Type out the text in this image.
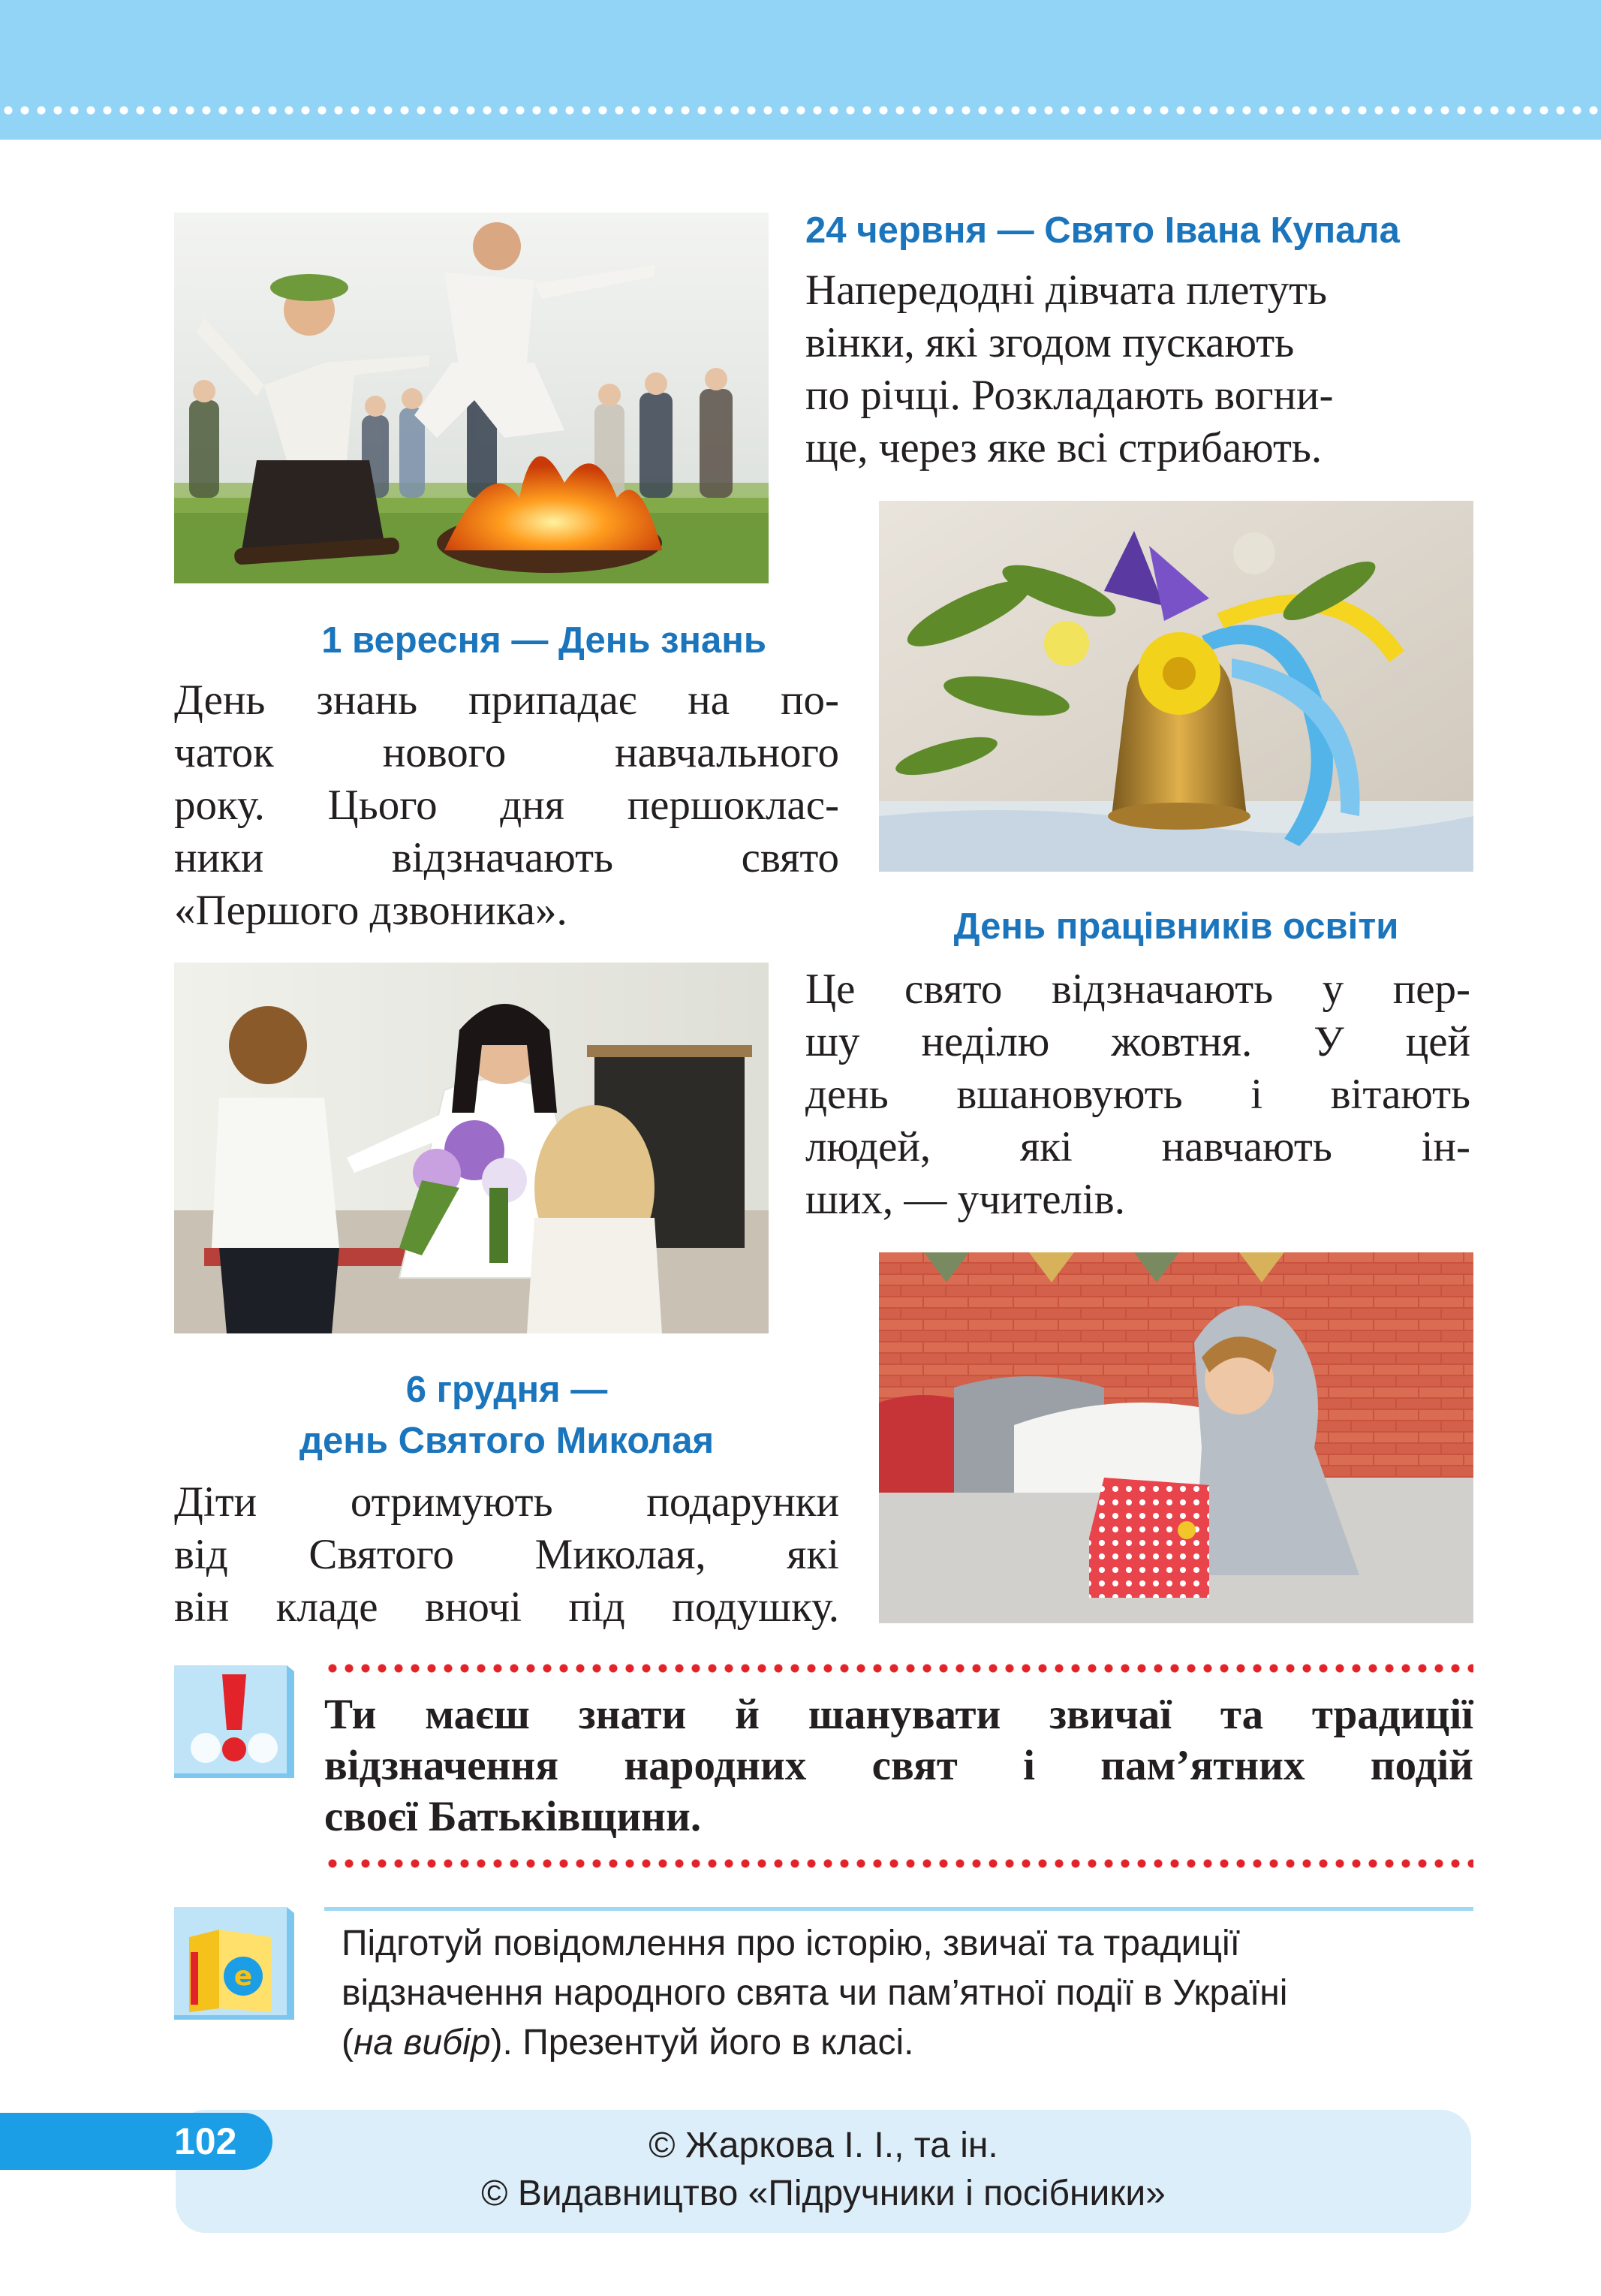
24 червня — Свято Івана Купала

Напередодні дівчата плетуть

вінки, які згодом пускають

по річці. Розкладають вогни-

ще, через яке всі стрибають.

1 вересня — День знань

День знань припадає на по-

чаток нового навчального

року. Цього дня першоклас-

ники відзначають свято

«Першого дзвоника».	День працівників освіти

Це свято відзначають у пер-

шу неділю жовтня. У цей

день вшановують і вітають

людей, які навчають ін-

ших, — учителів.

6 грудня —
день Святого Миколая

Діти отримують подарунки

від Святого Миколая, які

він кладе вночі під подушку.

Ти маєш знати й шанувати звичаї та традиції

відзначення народних свят і пам’ятних подій

своєї Батьківщини.

e

Підготуй повідомлення про історію, звичаї та традиції

відзначення народного свята чи пам’ятної події в Україні

(на вибір). Презентуй його в класі.

102	© Жаркова І. І., та ін.

© Видавництво «Підручники і посібники»
